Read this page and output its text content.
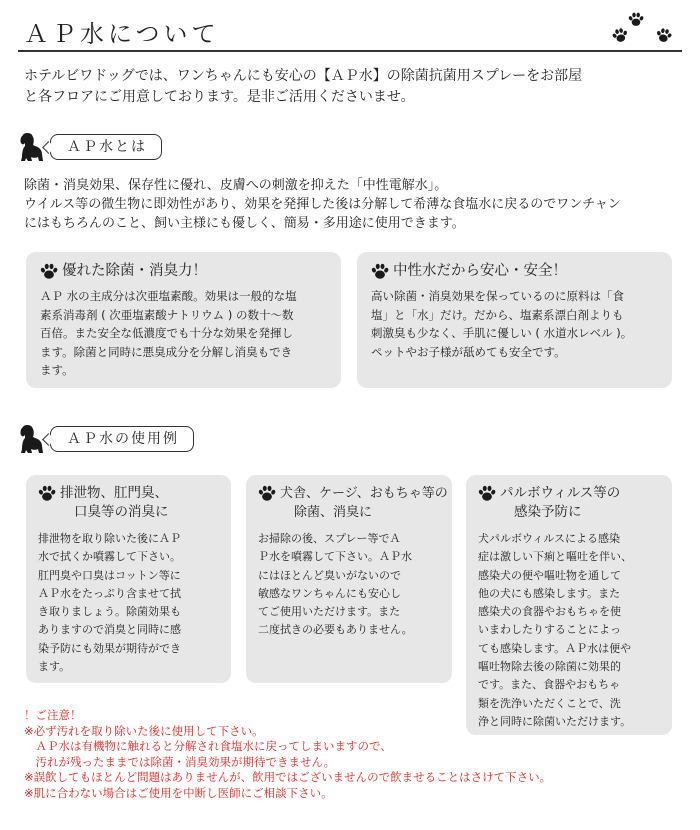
ＡＰ水について

ホテルビワドッグでは、ワンちゃんにも安心の【ＡＰ水】の除菌抗菌用スプレーをお部屋
と各フロアにご用意しております。是非ご活用くださいませ。

ＡＰ水とは

除菌・消臭効果、保存性に優れ、皮膚への刺激を抑えた「中性電解水」。
ウイルス等の微生物に即効性があり、効果を発揮した後は分解して希薄な食塩水に戻るのでワンチャン
にはもちろんのこと、飼い主様にも優しく、簡易・多用途に使用できます。

優れた除菌・消臭力！

ＡＰ 水の主成分は次亜塩素酸。効果は一般的な塩
素系消毒剤 ( 次亜塩素酸ナトリウム ) の数十～数
百倍。また安全な低濃度でも十分な効果を発揮し
ます。除菌と同時に悪臭成分を分解し消臭もでき
ます。

中性水だから安心・安全！

高い除菌・消臭効果を保っているのに原料は「食
塩」と「水」だけ。だから、塩素系漂白剤よりも
刺激臭も少なく、手肌に優しい ( 水道水レベル )。
ペットやお子様が舐めても安全です。

ＡＰ水の使用例
排泄物、肛門臭、
口臭等の消臭に

排泄物を取り除いた後にＡＰ
水で拭くか噴霧して下さい。
肛門臭や口臭はコットン等に
ＡＰ水をたっぷり含ませて拭
き取りましょう。除菌効果も
ありますので消臭と同時に感
染予防にも効果が期待ができ
ます。

犬舎、ケージ、おもちゃ等の
除菌、消臭に

お掃除の後、スプレー等でＡ
Ｐ水を噴霧して下さい。ＡＰ水
にはほとんど臭いがないので
敏感なワンちゃんにも安心し
てご使用いただけます。また
二度拭きの必要もありません。

パルボウィルス等の
感染予防に

犬パルボウィルスによる感染
症は激しい下痢と嘔吐を伴い、
感染犬の便や嘔吐物を通して
他の犬にも感染します。また
感染犬の食器やおもちゃを使
いまわしたりすることによっ
ても感染します。ＡＰ水は便や
嘔吐物除去後の除菌に効果的
です。また、食器やおもちゃ
類を洗浄いただくことで、洗
浄と同時に除菌いただけます。

！ご注意！
※必ず汚れを取り除いた後に使用して下さい。
　ＡＰ水は有機物に触れると分解され食塩水に戻ってしまいますので、
　汚れが残ったままでは除菌・消臭効果が期待できません。
※誤飲してもほとんど問題はありませんが、飲用ではございませんので飲ませることはさけて下さい。
※肌に合わない場合はご使用を中断し医師にご相談下さい。
